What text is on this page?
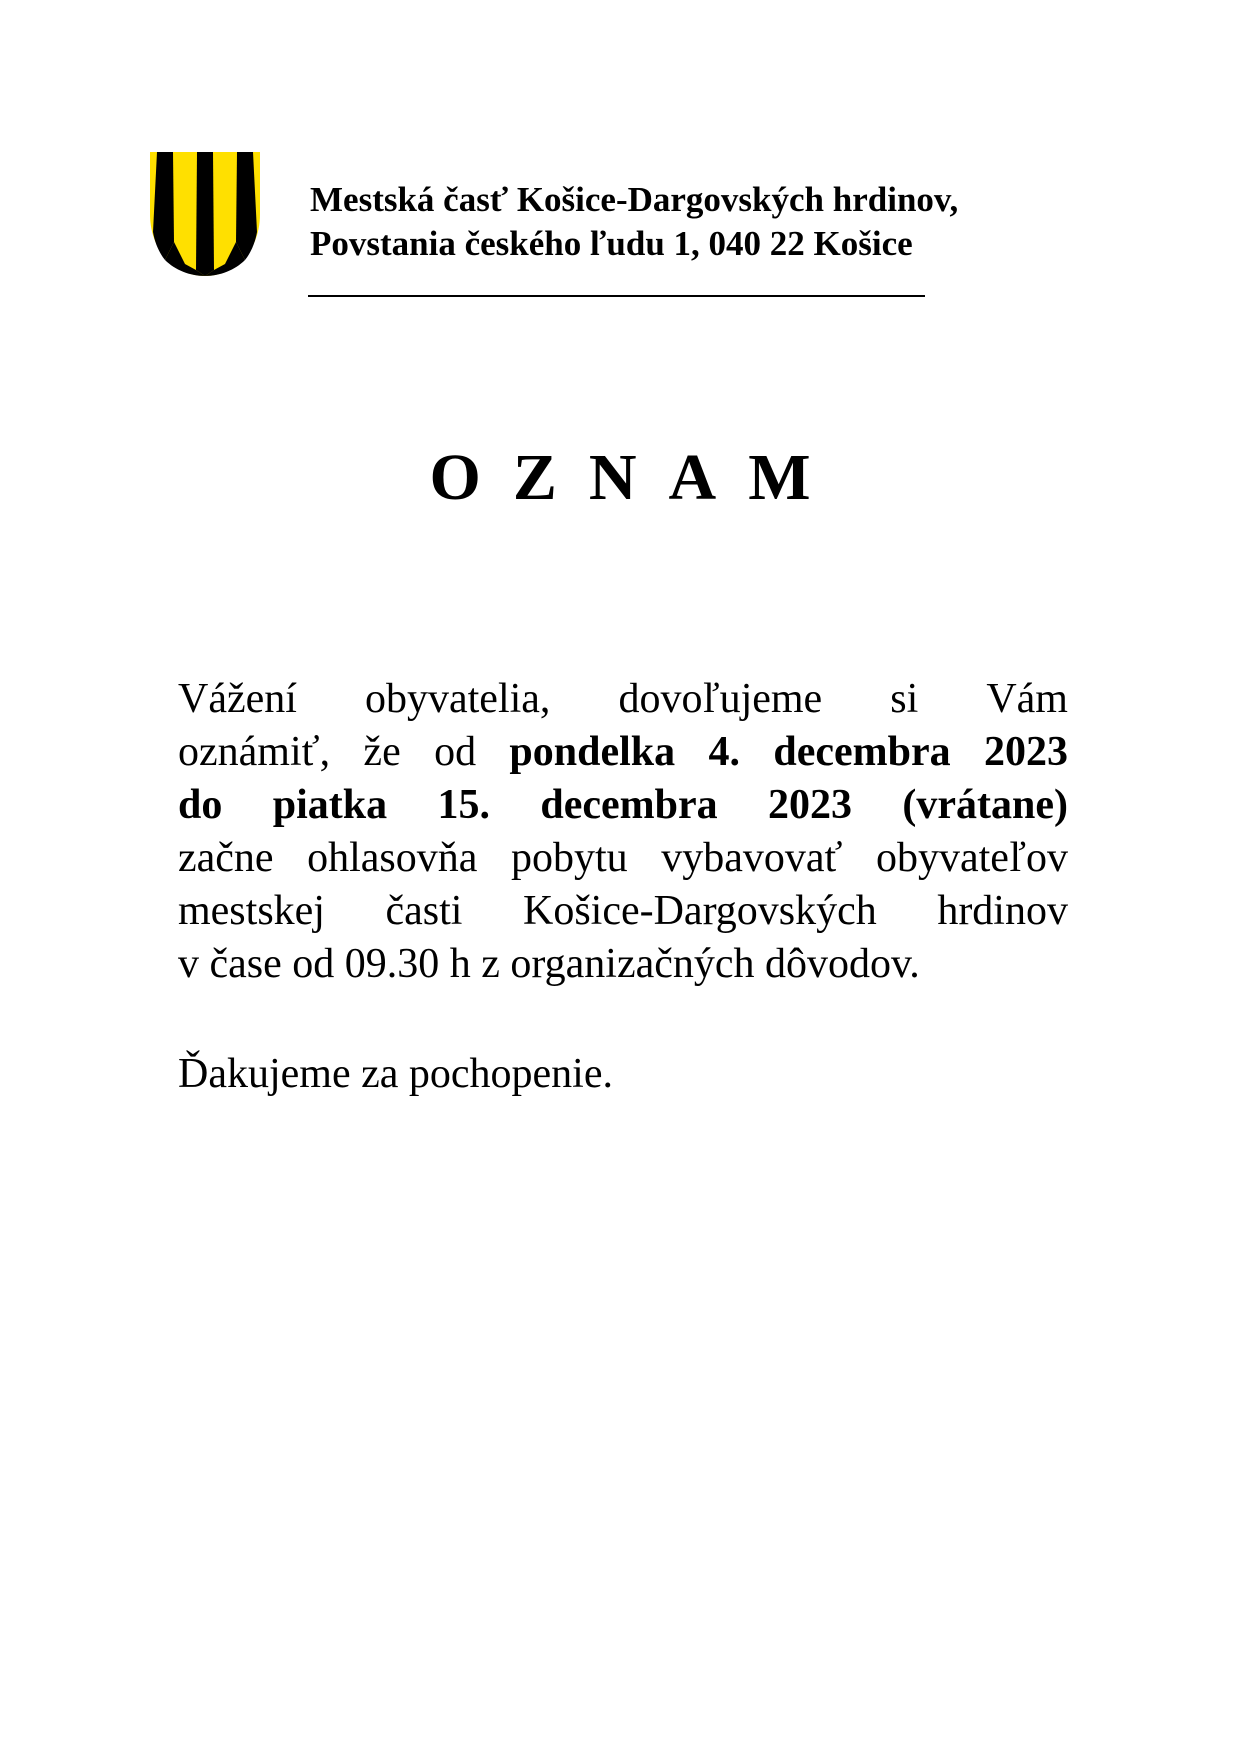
Mestská časť Košice-Dargovských hrdinov,
Povstania českého ľudu 1, 040 22 Košice
O Z N A M
Vážení obyvatelia, dovoľujeme si Vám
oznámiť, že od pondelka 4. decembra 2023
do piatka 15. decembra 2023 (vrátane)
začne ohlasovňa pobytu vybavovať obyvateľov
mestskej časti Košice-Dargovských hrdinov
v čase od 09.30 h z organizačných dôvodov.
Ďakujeme za pochopenie.
